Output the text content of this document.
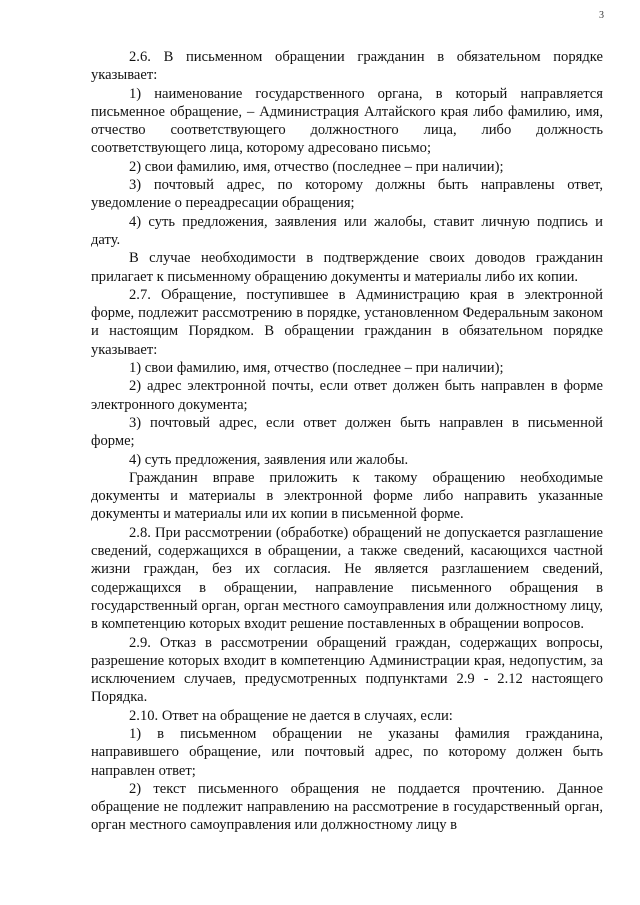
3

2.6. В письменном обращении гражданин в обязательном порядке указывает:

1) наименование государственного органа, в который направляется письменное обращение, – Администрация Алтайского края либо фамилию, имя, отчество соответствующего должностного лица, либо должность соответствующего лица, которому адресовано письмо;

2) свои фамилию, имя, отчество (последнее – при наличии);

3) почтовый адрес, по которому должны быть направлены ответ, уведомление о переадресации обращения;

4) суть предложения, заявления или жалобы, ставит личную подпись и дату.

В случае необходимости в подтверждение своих доводов гражданин прилагает к письменному обращению документы и материалы либо их копии.

2.7. Обращение, поступившее в Администрацию края в электронной форме, подлежит рассмотрению в порядке, установленном Федеральным законом и настоящим Порядком. В обращении гражданин в обязательном порядке указывает:

1) свои фамилию, имя, отчество (последнее – при наличии);

2) адрес электронной почты, если ответ должен быть направлен в форме электронного документа;

3) почтовый адрес, если ответ должен быть направлен в письменной форме;

4) суть предложения, заявления или жалобы.

Гражданин вправе приложить к такому обращению необходимые документы и материалы в электронной форме либо направить указанные документы и материалы или их копии в письменной форме.

2.8. При рассмотрении (обработке) обращений не допускается разглашение сведений, содержащихся в обращении, а также сведений, касающихся частной жизни граждан, без их согласия. Не является разглашением сведений, содержащихся в обращении, направление письменного обращения в государственный орган, орган местного самоуправления или должностному лицу, в компетенцию которых входит решение поставленных в обращении вопросов.

2.9. Отказ в рассмотрении обращений граждан, содержащих вопросы, разрешение которых входит в компетенцию Администрации края, недопустим, за исключением случаев, предусмотренных подпунктами 2.9 - 2.12 настоящего Порядка.

2.10. Ответ на обращение не дается в случаях, если:

1) в письменном обращении не указаны фамилия гражданина, направившего обращение, или почтовый адрес, по которому должен быть направлен ответ;

2) текст письменного обращения не поддается прочтению. Данное обращение не подлежит направлению на рассмотрение в государственный орган, орган местного самоуправления или должностному лицу в
